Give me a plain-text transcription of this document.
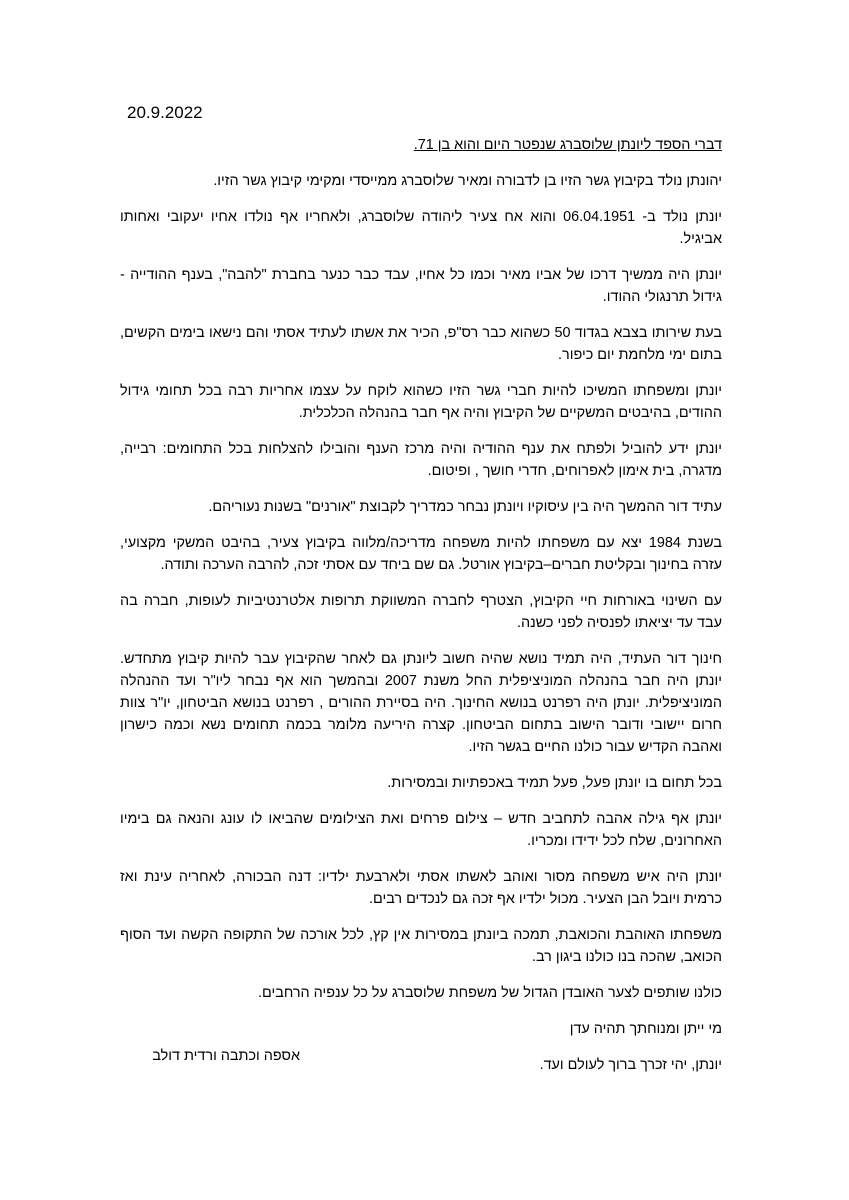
20.9.2022
דברי הספד ליונתן שלוסברג שנפטר היום והוא בן 71.
יהונתן נולד בקיבוץ גשר הזיו בן לדבורה ומאיר שלוסברג ממייסדי ומקימי קיבוץ גשר הזיו.
יונתן נולד ב- 06.04.1951 והוא אח צעיר ליהודה שלוסברג, ולאחריו אף נולדו אחיו יעקובי ואחותו אביגיל.
יונתן היה ממשיך דרכו של אביו מאיר וכמו כל אחיו, עבד כבר כנער בחברת "להבה", בענף ההודייה - גידול תרנגולי ההודו.
בעת שירותו בצבא בגדוד 50 כשהוא כבר רס"פ, הכיר את אשתו לעתיד אסתי והם נישאו בימים הקשים, בתום ימי מלחמת יום כיפור.
יונתן ומשפחתו המשיכו להיות חברי גשר הזיו כשהוא לוקח על עצמו אחריות רבה בכל תחומי גידול ההודים, בהיבטים המשקיים של הקיבוץ והיה אף חבר בהנהלה הכלכלית.
יונתן ידע להוביל ולפתח את ענף ההודיה והיה מרכז הענף והובילו להצלחות בכל התחומים: רבייה, מדגרה, בית אימון לאפרוחים, חדרי חושך , ופיטום.
עתיד דור ההמשך היה בין עיסוקיו ויונתן נבחר כמדריך לקבוצת "אורנים" בשנות נעוריהם.
בשנת 1984 יצא עם משפחתו להיות משפחה מדריכה/מלווה בקיבוץ צעיר, בהיבט המשקי מקצועי, עזרה בחינוך ובקליטת חברים–בקיבוץ אורטל. גם שם ביחד עם אסתי זכה, להרבה הערכה ותודה.
עם השינוי באורחות חיי הקיבוץ, הצטרף לחברה המשווקת תרופות אלטרנטיביות לעופות, חברה בה עבד עד יציאתו לפנסיה לפני כשנה.
חינוך דור העתיד, היה תמיד נושא שהיה חשוב ליונתן גם לאחר שהקיבוץ עבר להיות קיבוץ מתחדש. יונתן היה חבר בהנהלה המוניציפלית החל משנת 2007 ובהמשך הוא אף נבחר ליו"ר ועד ההנהלה המוניציפלית. יונתן היה רפרנט בנושא החינוך. היה בסיירת ההורים , רפרנט בנושא הביטחון, יו"ר צוות חרום יישובי ודובר הישוב בתחום הביטחון. קצרה היריעה מלומר בכמה תחומים נשא וכמה כישרון ואהבה הקדיש עבור כולנו החיים בגשר הזיו.
בכל תחום בו יונתן פעל, פעל תמיד באכפתיות ובמסירות.
יונתן אף גילה אהבה לתחביב חדש – צילום פרחים ואת הצילומים שהביאו לו עונג והנאה גם בימיו האחרונים, שלח לכל ידידו ומכריו.
יונתן היה איש משפחה מסור ואוהב לאשתו אסתי ולארבעת ילדיו: דנה הבכורה, לאחריה עינת ואז כרמית ויובל הבן הצעיר. מכול ילדיו אף זכה גם לנכדים רבים.
משפחתו האוהבת והכואבת, תמכה ביונתן במסירות אין קץ, לכל אורכה של התקופה הקשה ועד הסוף הכואב, שהכה בנו כולנו ביגון רב.
כולנו שותפים לצער האובדן הגדול של משפחת שלוסברג על כל ענפיה הרחבים.
מי ייתן ומנוחתך תהיה עדן
יונתן, יהי זכרך ברוך לעולם ועד.
אספה וכתבה ורדית דולב
